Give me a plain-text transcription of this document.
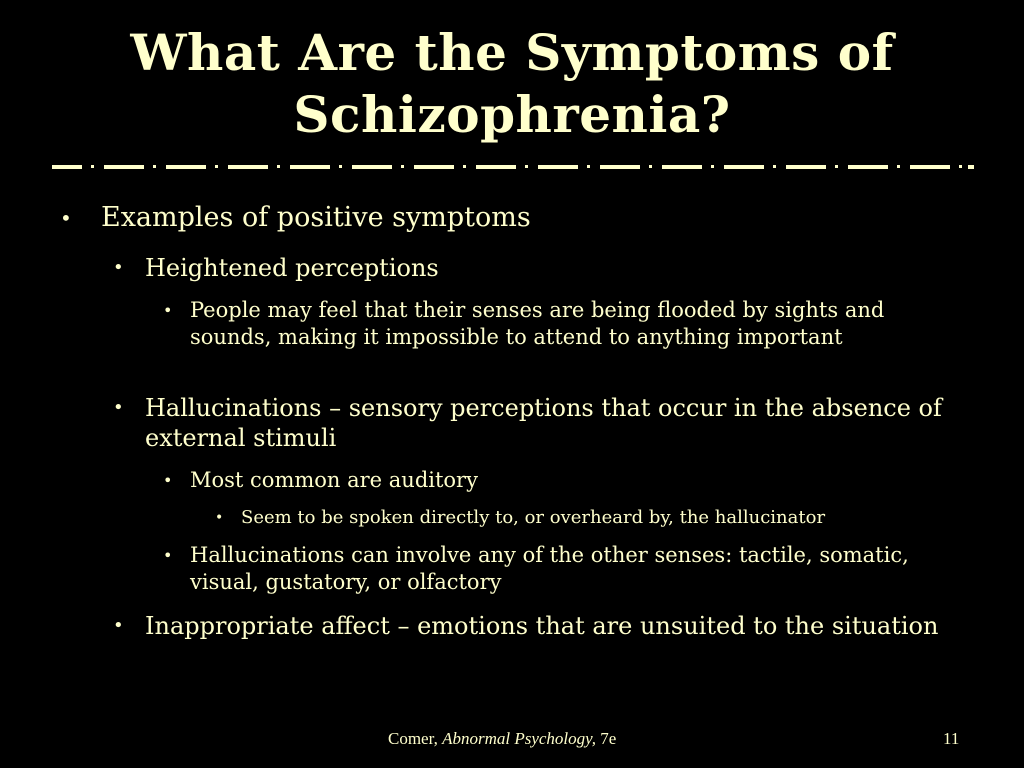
What Are the Symptoms of Schizophrenia?
• Examples of positive symptoms
• Heightened perceptions
• People may feel that their senses are being flooded by sights and sounds, making it impossible to attend to anything important
• Hallucinations – sensory perceptions that occur in the absence of external stimuli
• Most common are auditory
• Seem to be spoken directly to, or overheard by, the hallucinator
• Hallucinations can involve any of the other senses: tactile, somatic, visual, gustatory, or olfactory
• Inappropriate affect – emotions that are unsuited to the situation
Comer, Abnormal Psychology, 7e	11
